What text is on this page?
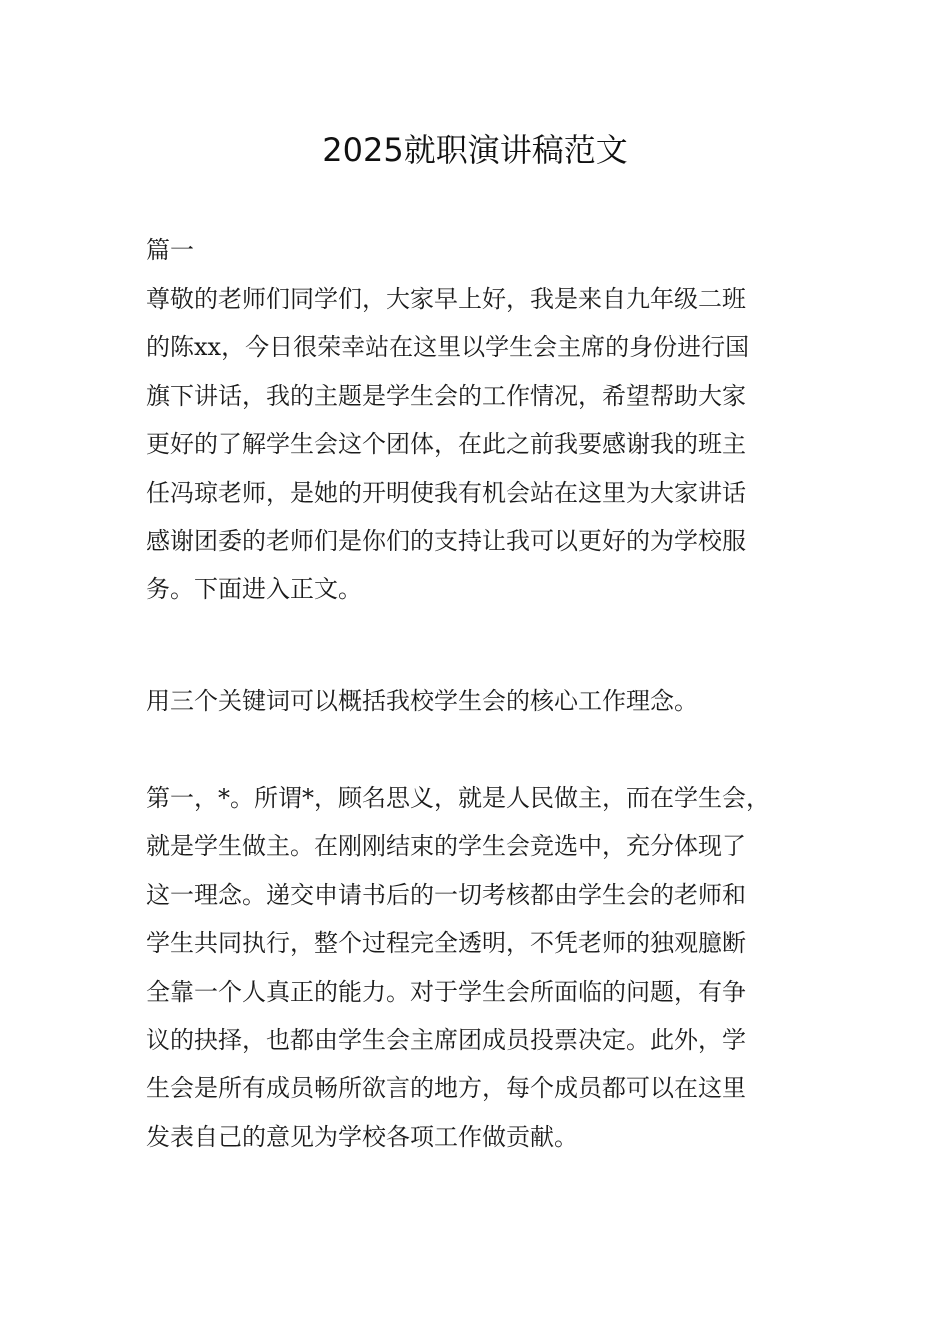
2025就职演讲稿范文
篇一
尊敬的老师们同学们，大家早上好，我是来自九年级二班
的陈xx，今日很荣幸站在这里以学生会主席的身份进行国
旗下讲话，我的主题是学生会的工作情况，希望帮助大家
更好的了解学生会这个团体，在此之前我要感谢我的班主
任冯琼老师，是她的开明使我有机会站在这里为大家讲话
感谢团委的老师们是你们的支持让我可以更好的为学校服
务。下面进入正文。
用三个关键词可以概括我校学生会的核心工作理念。
第一，*。所谓*，顾名思义，就是人民做主，而在学生会，
就是学生做主。在刚刚结束的学生会竞选中，充分体现了
这一理念。递交申请书后的一切考核都由学生会的老师和
学生共同执行，整个过程完全透明，不凭老师的独观臆断
全靠一个人真正的能力。对于学生会所面临的问题，有争
议的抉择，也都由学生会主席团成员投票决定。此外，学
生会是所有成员畅所欲言的地方，每个成员都可以在这里
发表自己的意见为学校各项工作做贡献。
